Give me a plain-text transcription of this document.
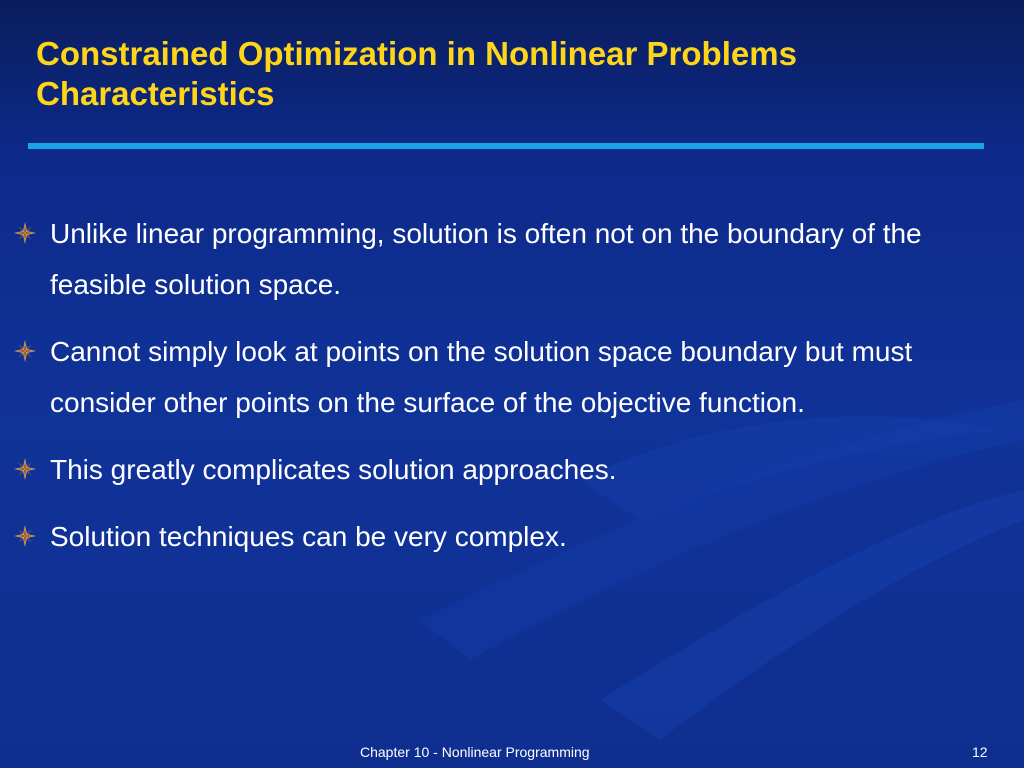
Constrained Optimization in Nonlinear Problems
Characteristics
Unlike linear programming, solution is often not on the boundary of the feasible solution space.
Cannot simply look at points on the solution space boundary but must consider other points on the surface of the objective function.
This greatly complicates solution approaches.
Solution techniques can be very complex.
Chapter 10 - Nonlinear Programming	12
